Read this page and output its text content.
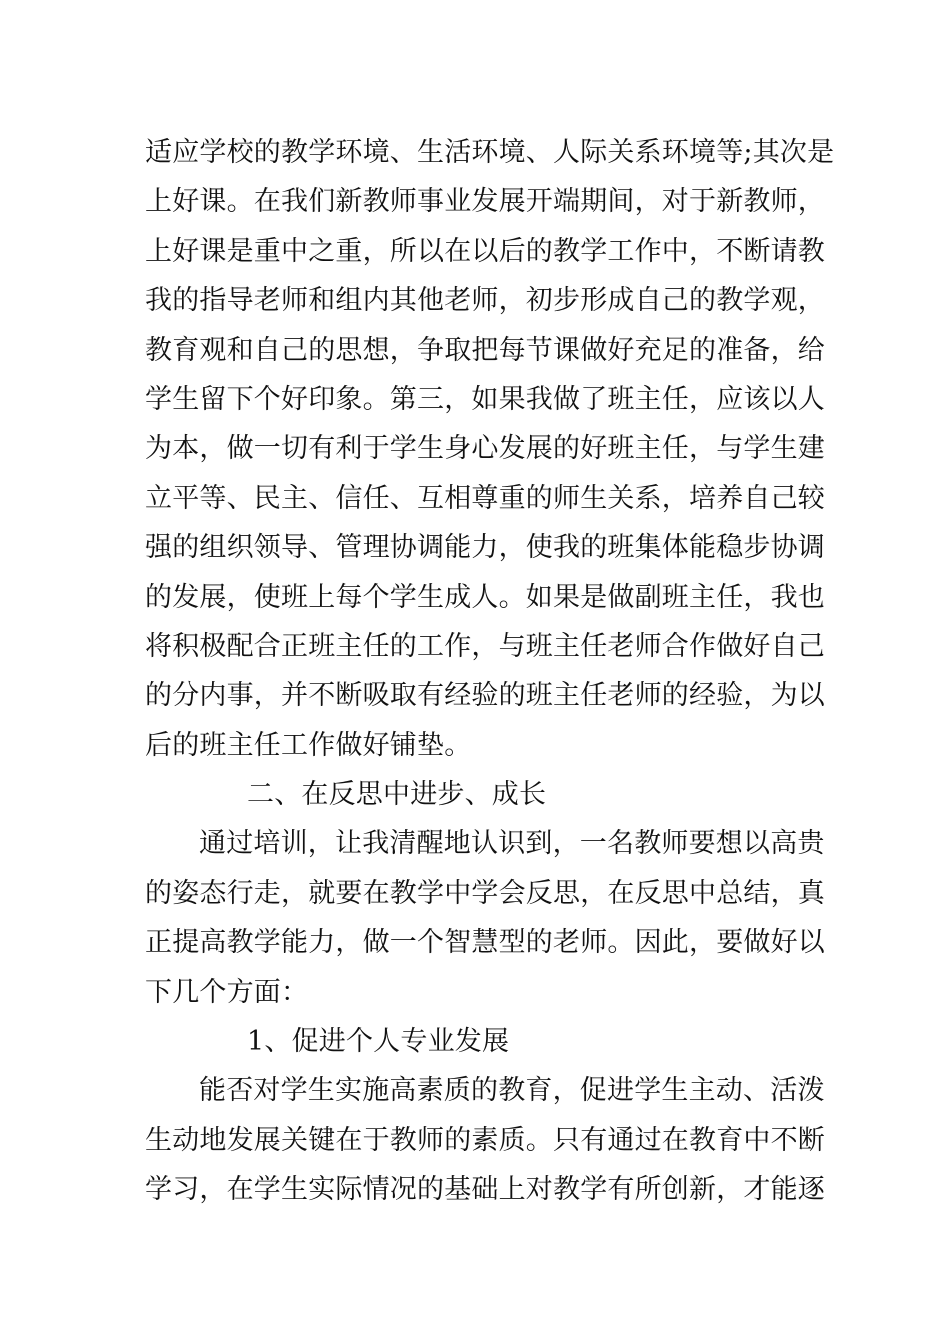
适应学校的教学环境、生活环境、人际关系环境等;其次是
上好课。在我们新教师事业发展开端期间，对于新教师，
上好课是重中之重，所以在以后的教学工作中，不断请教
我的指导老师和组内其他老师，初步形成自己的教学观，
教育观和自己的思想，争取把每节课做好充足的准备，给
学生留下个好印象。第三，如果我做了班主任，应该以人
为本，做一切有利于学生身心发展的好班主任，与学生建
立平等、民主、信任、互相尊重的师生关系，培养自己较
强的组织领导、管理协调能力，使我的班集体能稳步协调
的发展，使班上每个学生成人。如果是做副班主任，我也
将积极配合正班主任的工作，与班主任老师合作做好自己
的分内事，并不断吸取有经验的班主任老师的经验，为以
后的班主任工作做好铺垫。
二、在反思中进步、成长
通过培训，让我清醒地认识到，一名教师要想以高贵
的姿态行走，就要在教学中学会反思，在反思中总结，真
正提高教学能力，做一个智慧型的老师。因此，要做好以
下几个方面：
1、促进个人专业发展
能否对学生实施高素质的教育，促进学生主动、活泼
生动地发展关键在于教师的素质。只有通过在教育中不断
学习，在学生实际情况的基础上对教学有所创新，才能逐
